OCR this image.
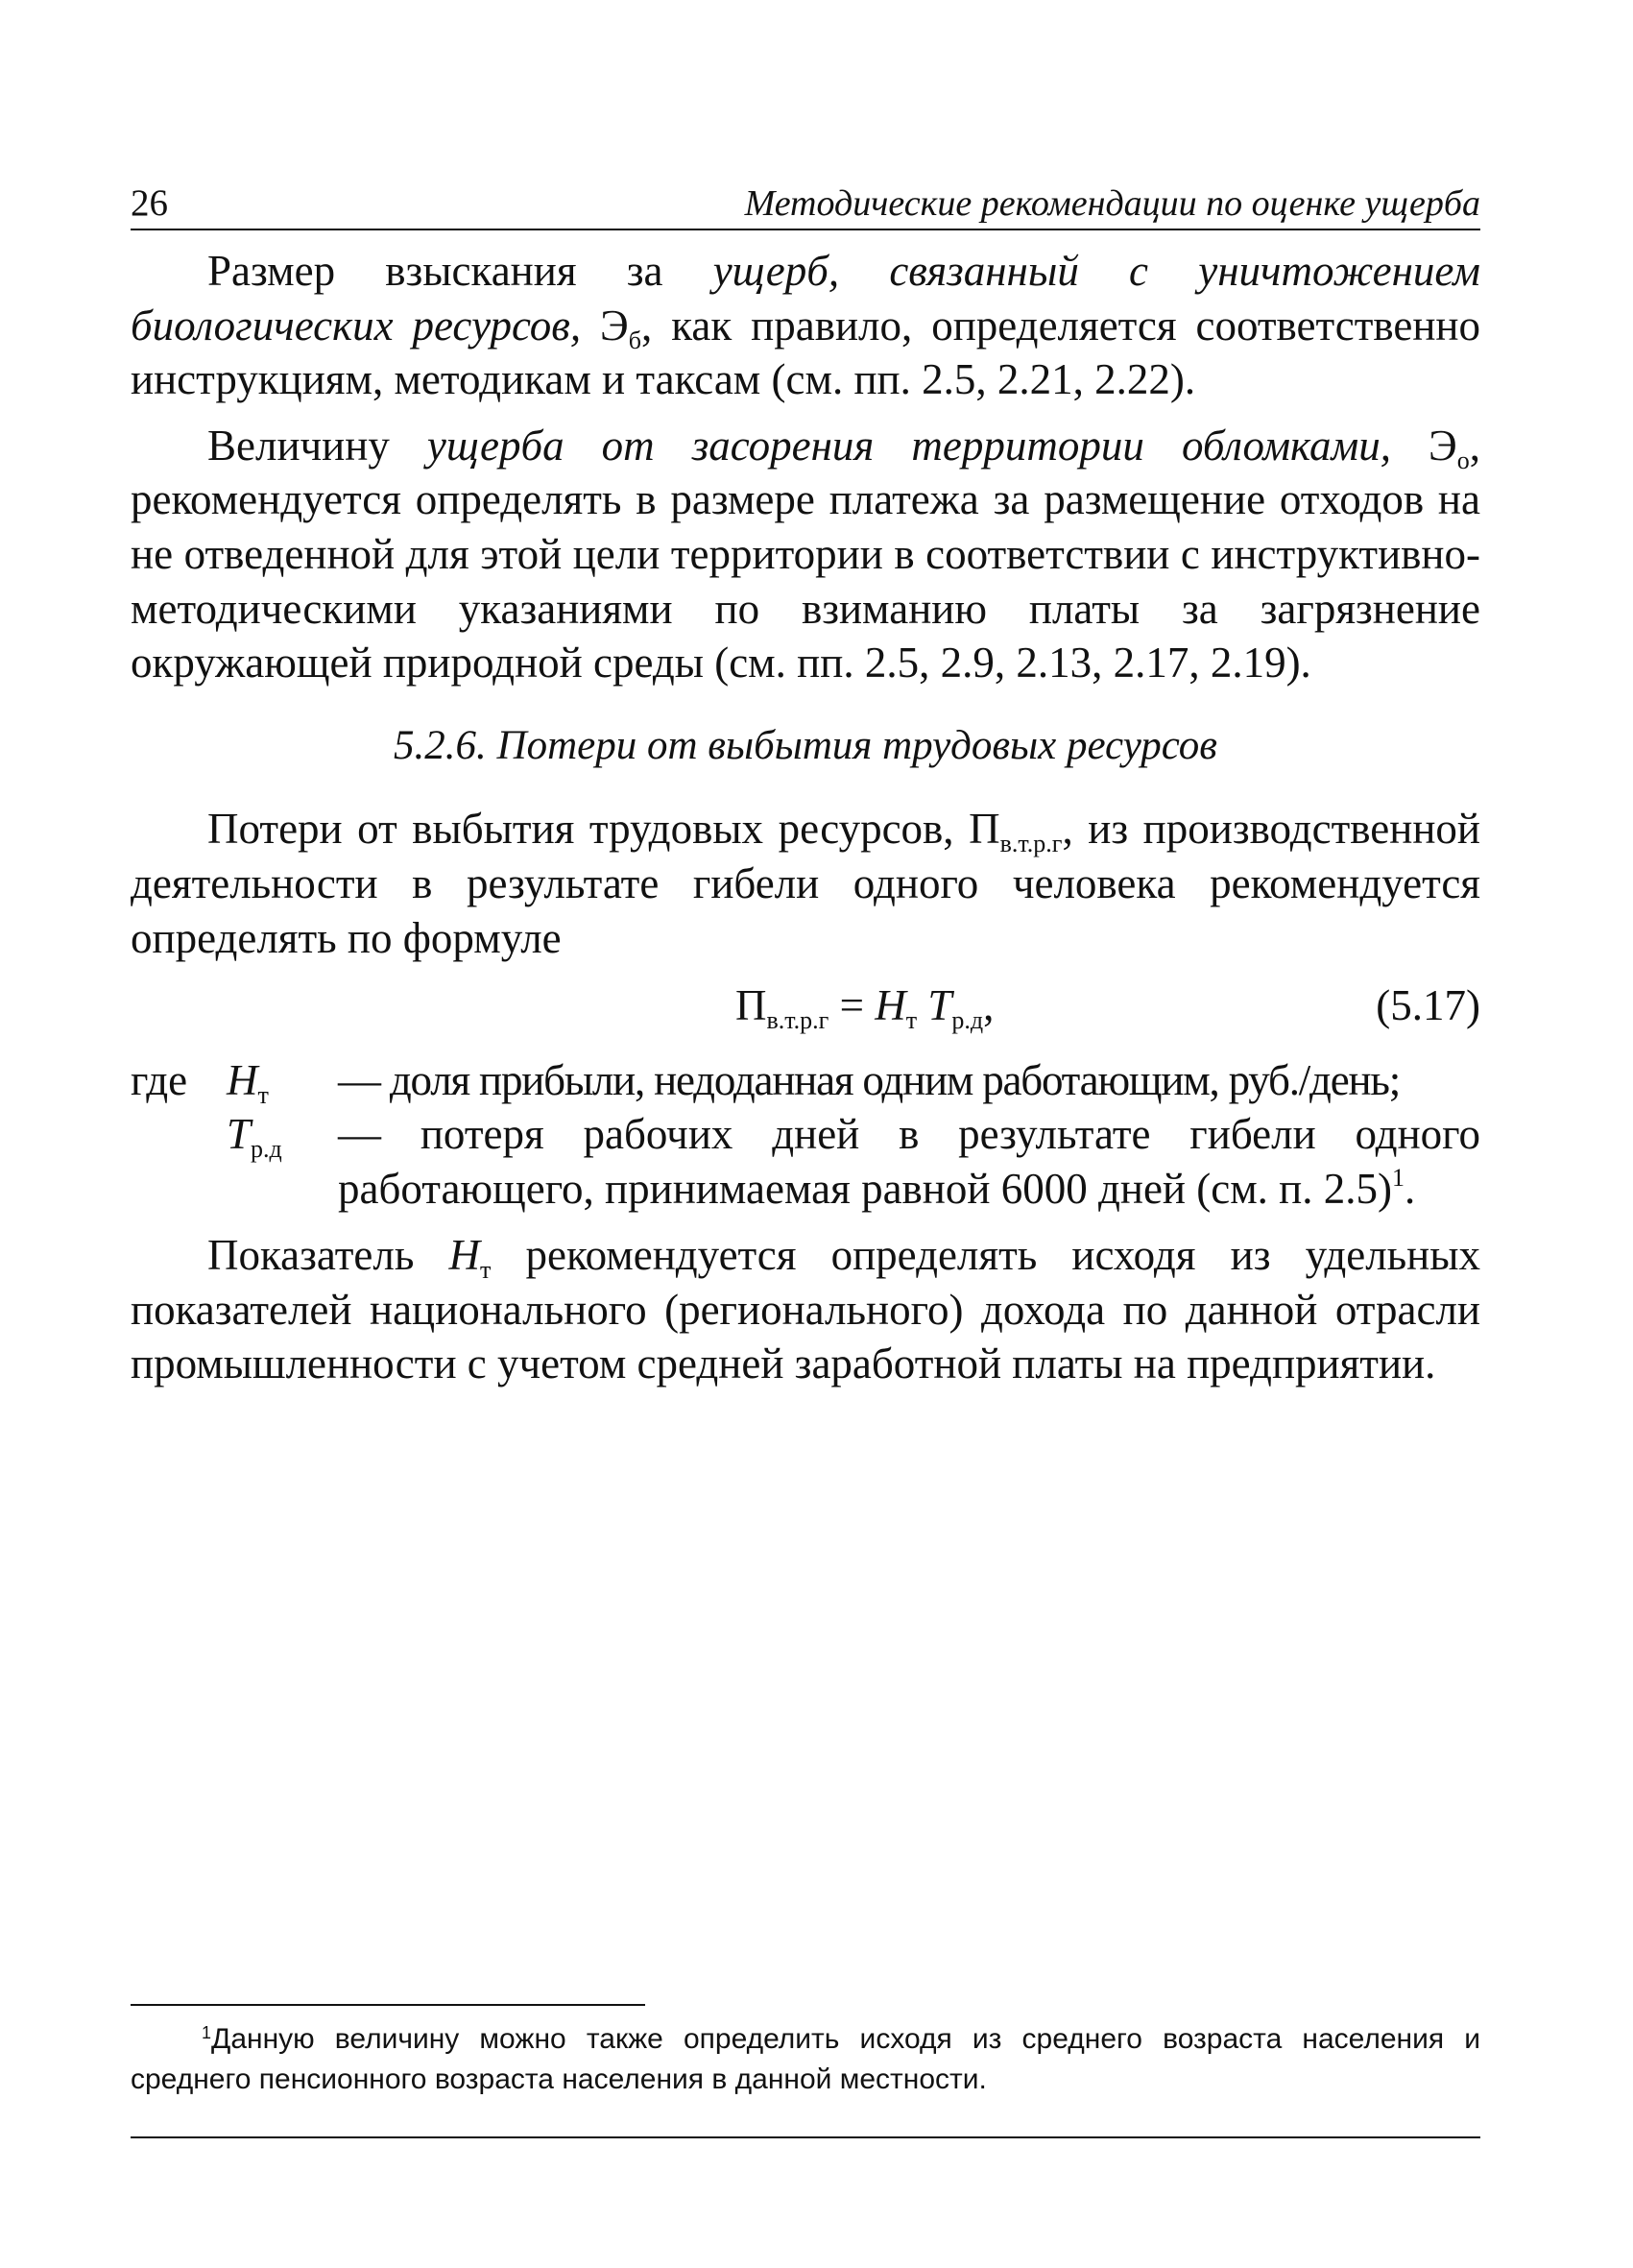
26	Методические рекомендации по оценке ущерба

Размер взыскания за ущерб, связанный с уничтожением биологических ресурсов, $Э_б$, как правило, определяется соответственно инструкциям, методикам и таксам (см. пп. 2.5, 2.21, 2.22).

Величину ущерба от засорения территории обломками, $Э_о$, рекомендуется определять в размере платежа за размещение отходов на не отведенной для этой цели территории в соответствии с инструктивно-методическими указаниями по взиманию платы за загрязнение окружающей природной среды (см. пп. 2.5, 2.9, 2.13, 2.17, 2.19).

5.2.6. Потери от выбытия трудовых ресурсов

Потери от выбытия трудовых ресурсов, $П_{в.т.р.г}$, из производственной деятельности в результате гибели одного человека рекомендуется определять по формуле

$П_{в.т.р.г} = Н_т$ $Т_{р.д}$,	(5.17)
где $Н_т$ — доля прибыли, недоданная одним работающим, руб./день;
$Т_{р.д}$ — потеря рабочих дней в результате гибели одного работающего, принимаемая равной 6000 дней (см. п. 2.5)$^1$.

Показатель $Н_т$ рекомендуется определять исходя из удельных показателей национального (регионального) дохода по данной отрасли промышленности с учетом средней заработной платы на предприятии.

$^1$Данную величину можно также определить исходя из среднего возраста населения и среднего пенсионного возраста населения в данной местности.
